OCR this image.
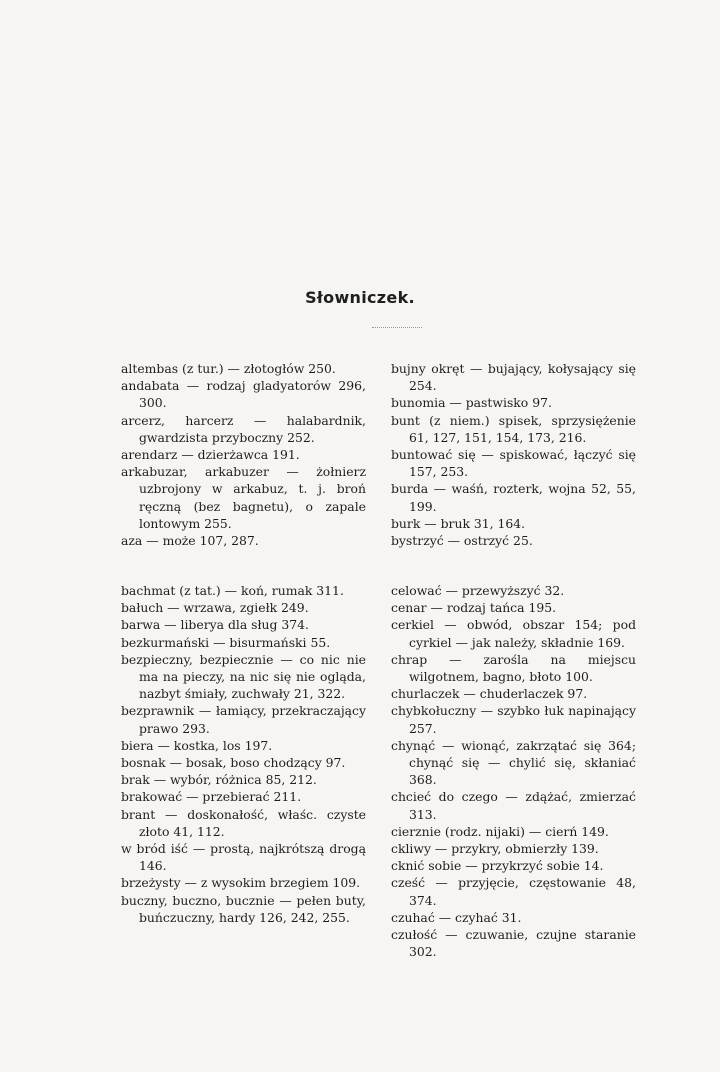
Słowniczek.

altembas (z tur.) — złotogłów 250.

andabata — rodzaj gladyatorów 296, 300.

arcerz, harcerz — halabardnik, gwardzista przyboczny 252.

arendarz — dzierżawca 191.

arkabuzar, arkabuzer — żołnierz uzbrojony w arkabuz, t. j. broń ręczną (bez bagnetu), o zapale lontowym 255.

aza — może 107, 287.

bujny okręt — bujający, kołysający się 254.

bunomia — pastwisko 97.

bunt (z niem.) spisek, sprzysiężenie 61, 127, 151, 154, 173, 216.

buntować się — spiskować, łączyć się 157, 253.

burda — waśń, rozterk, wojna 52, 55, 199.

burk — bruk 31, 164.

bystrzyć — ostrzyć 25.

bachmat (z tat.) — koń, rumak 311.

bałuch — wrzawa, zgiełk 249.

barwa — liberya dla sług 374.

bezkurmański — bisurmański 55.

bezpieczny, bezpiecznie — co nic nie ma na pieczy, na nic się nie ogląda, nazbyt śmiały, zuchwały 21, 322.

bezprawnik — łamiący, przekraczający prawo 293.

biera — kostka, los 197.

bosnak — bosak, boso chodzący 97.

brak — wybór, różnica 85, 212.

brakować — przebierać 211.

brant — doskonałość, właśc. czyste złoto 41, 112.

w bród iść — prostą, najkrótszą drogą 146.

brzeżysty — z wysokim brzegiem 109.

buczny, buczno, bucznie — pełen buty, buńczuczny, hardy 126, 242, 255.

celować — przewyższyć 32.

cenar — rodzaj tańca 195.

cerkiel — obwód, obszar 154; pod cyrkiel — jak należy, składnie 169.

chrap — zarośla na miejscu wilgotnem, bagno, błoto 100.

churlaczek — chuderlaczek 97.

chybkołuczny — szybko łuk napinający 257.

chynąć — wionąć, zakrzątać się 364; chynąć się — chylić się, skłaniać 368.

chcieć do czego — zdążać, zmierzać 313.

cierznie (rodz. nijaki) — cierń 149.

ckliwy — przykry, obmierzły 139.

cknić sobie — przykrzyć sobie 14.

cześć — przyjęcie, częstowanie 48, 374.

czuhać — czyhać 31.

czułość — czuwanie, czujne staranie 302.
